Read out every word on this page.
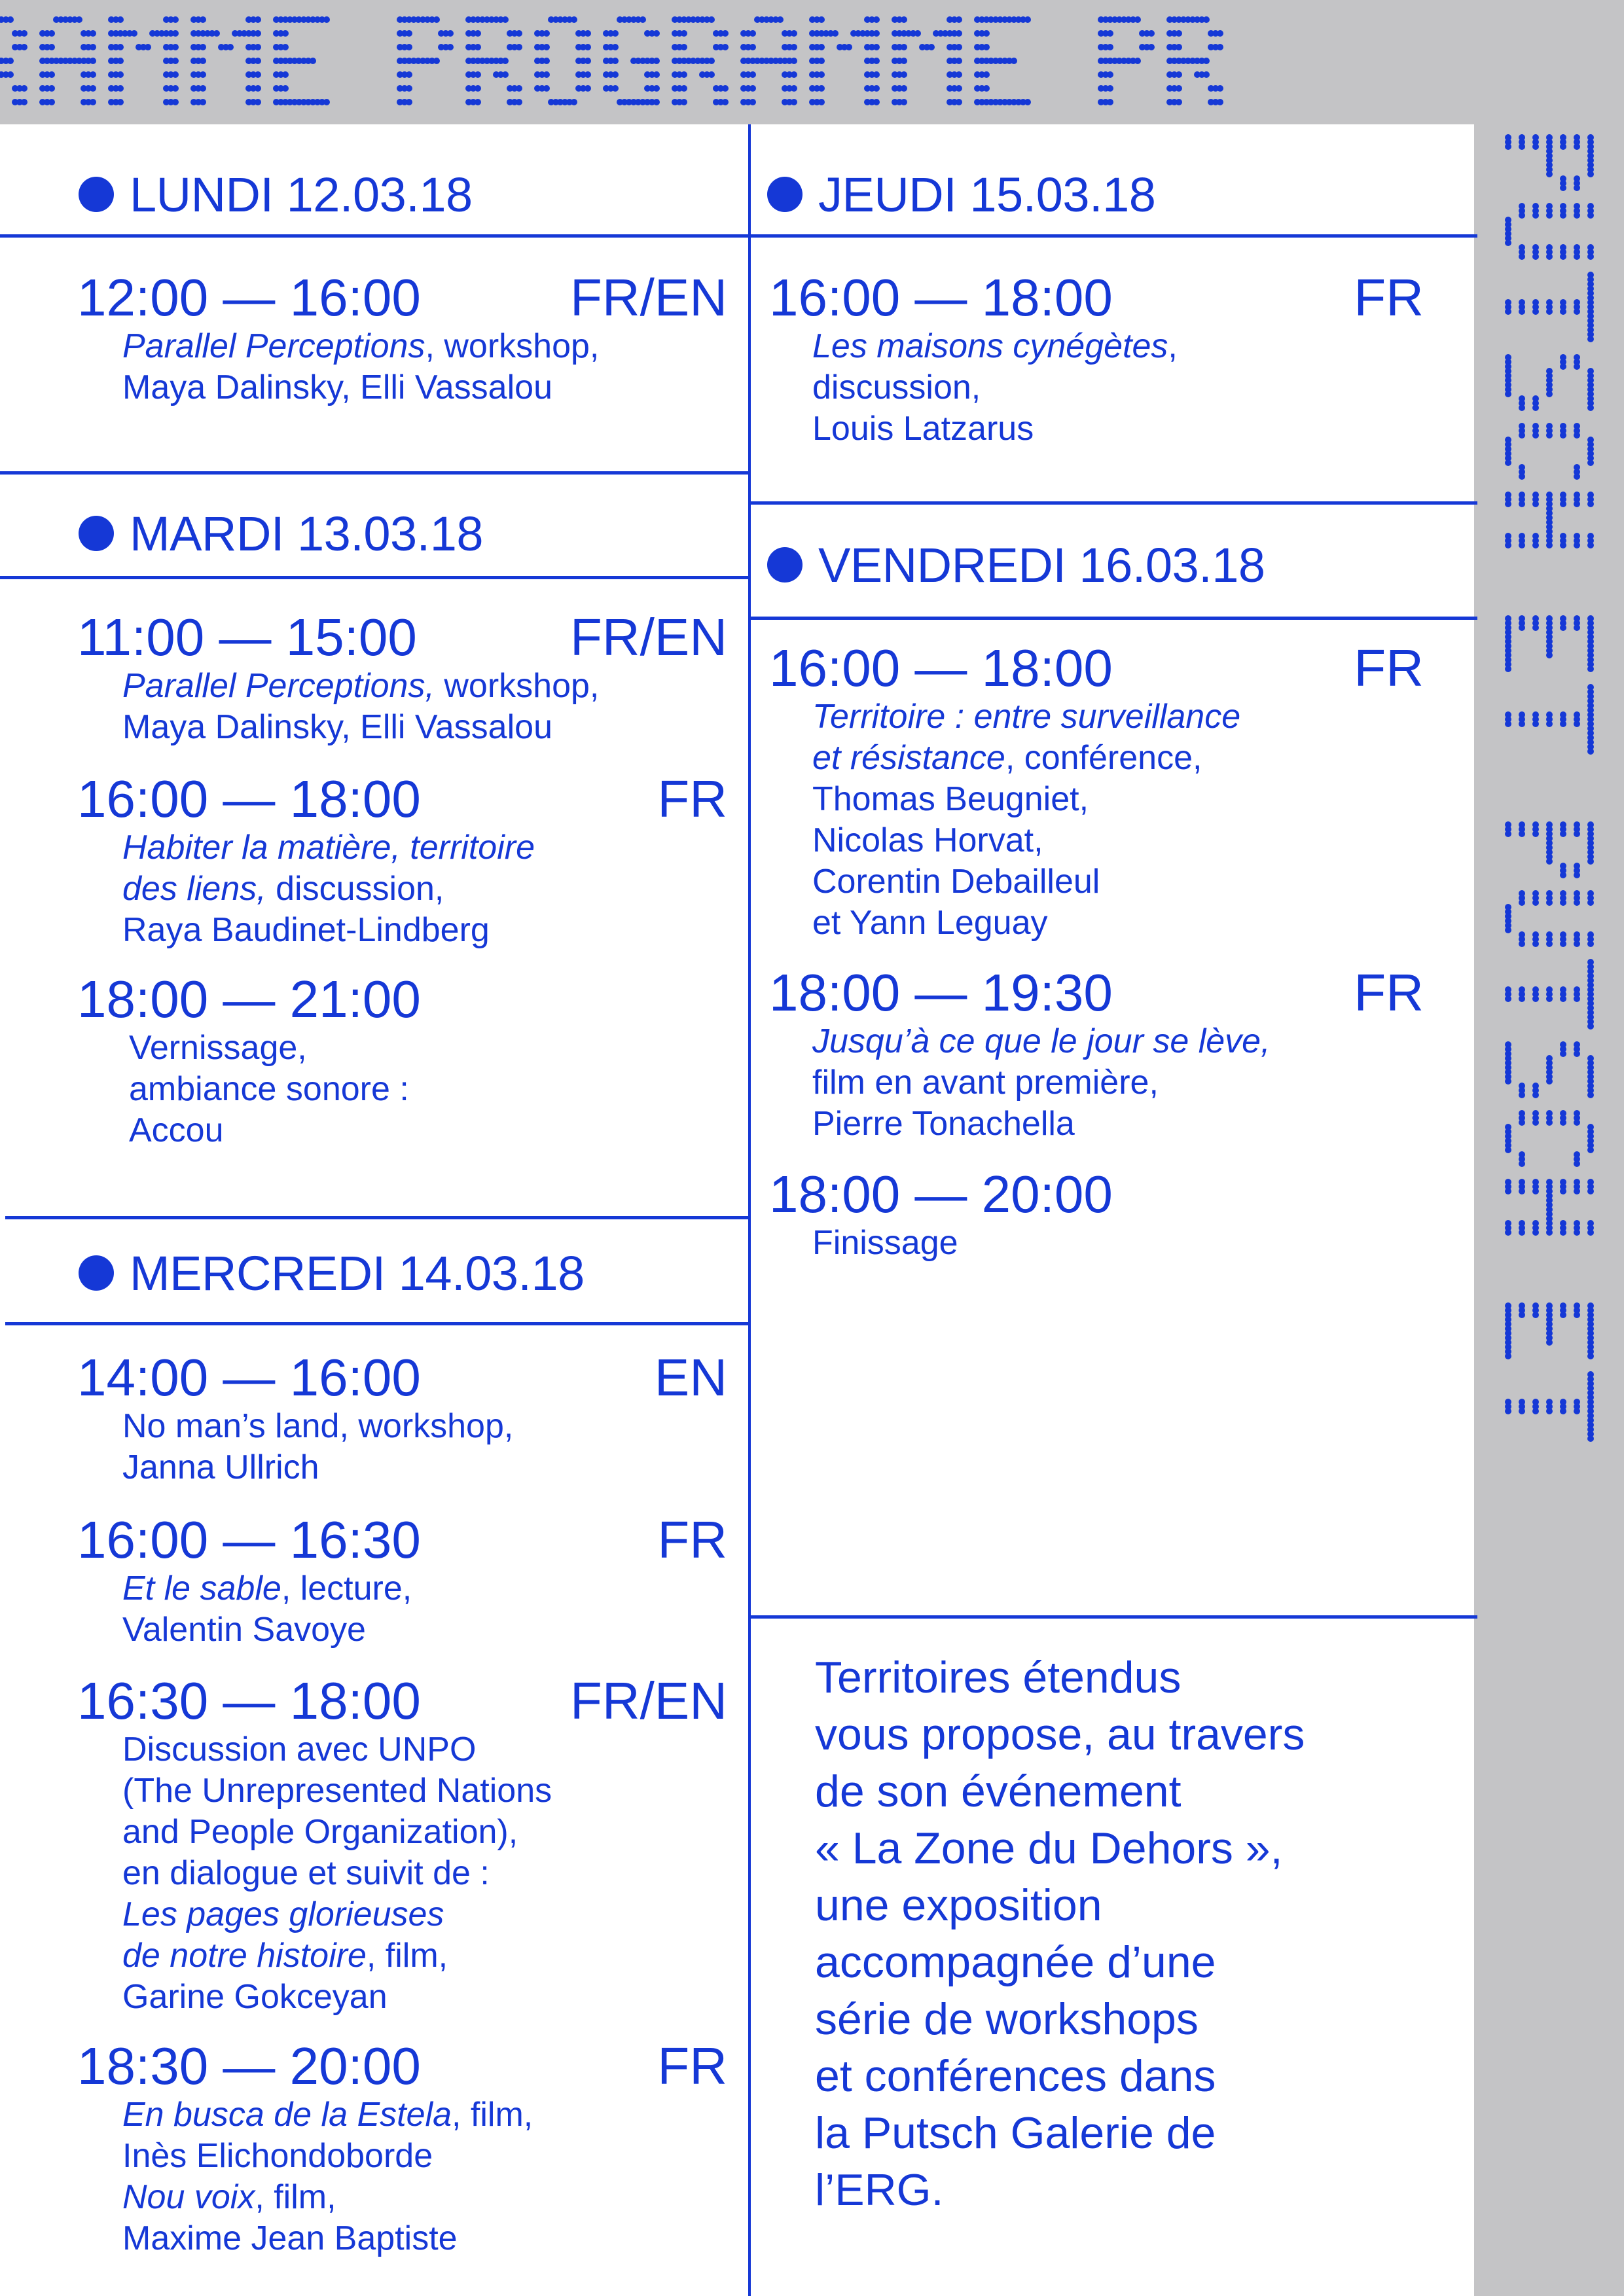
LUNDI 12.03.18
12:00 — 16:00	FR/EN
Parallel Perceptions, workshop,
Maya Dalinsky, Elli Vassalou
MARDI 13.03.18
11:00 — 15:00	FR/EN
Parallel Perceptions, workshop,
Maya Dalinsky, Elli Vassalou
16:00 — 18:00	FR
Habiter la matière, territoire
des liens, discussion,
Raya Baudinet-Lindberg
18:00 — 21:00
Vernissage,
ambiance sonore :
Accou
MERCREDI 14.03.18
14:00 — 16:00	EN
No man’s land, workshop,
Janna Ullrich
16:00 — 16:30	FR
Et le sable, lecture,
Valentin Savoye
16:30 — 18:00	FR/EN
Discussion avec UNPO
(The Unrepresented Nations
and People Organization),
en dialogue et suivit de :
Les pages glorieuses
de notre histoire, film,
Garine Gokceyan
18:30 — 20:00	FR
En busca de la Estela, film,
Inès Elichondoborde
Nou voix, film,
Maxime Jean Baptiste
JEUDI 15.03.18
16:00 — 18:00	FR
Les maisons cynégètes,
discussion,
Louis Latzarus
VENDREDI 16.03.18
16:00 — 18:00	FR
Territoire : entre surveillance
et résistance, conférence,
Thomas Beugniet,
Nicolas Horvat,
Corentin Debailleul
et Yann Leguay
18:00 — 19:30	FR
Jusqu’à ce que le jour se lève,
film en avant première,
Pierre Tonachella
18:00 — 20:00
Finissage
Territoires étendus
vous propose, au travers
de son événement
« La Zone du Dehors »,
une exposition
accompagnée d’une
série de workshops
et conférences dans
la Putsch Galerie de
l’ERG.
